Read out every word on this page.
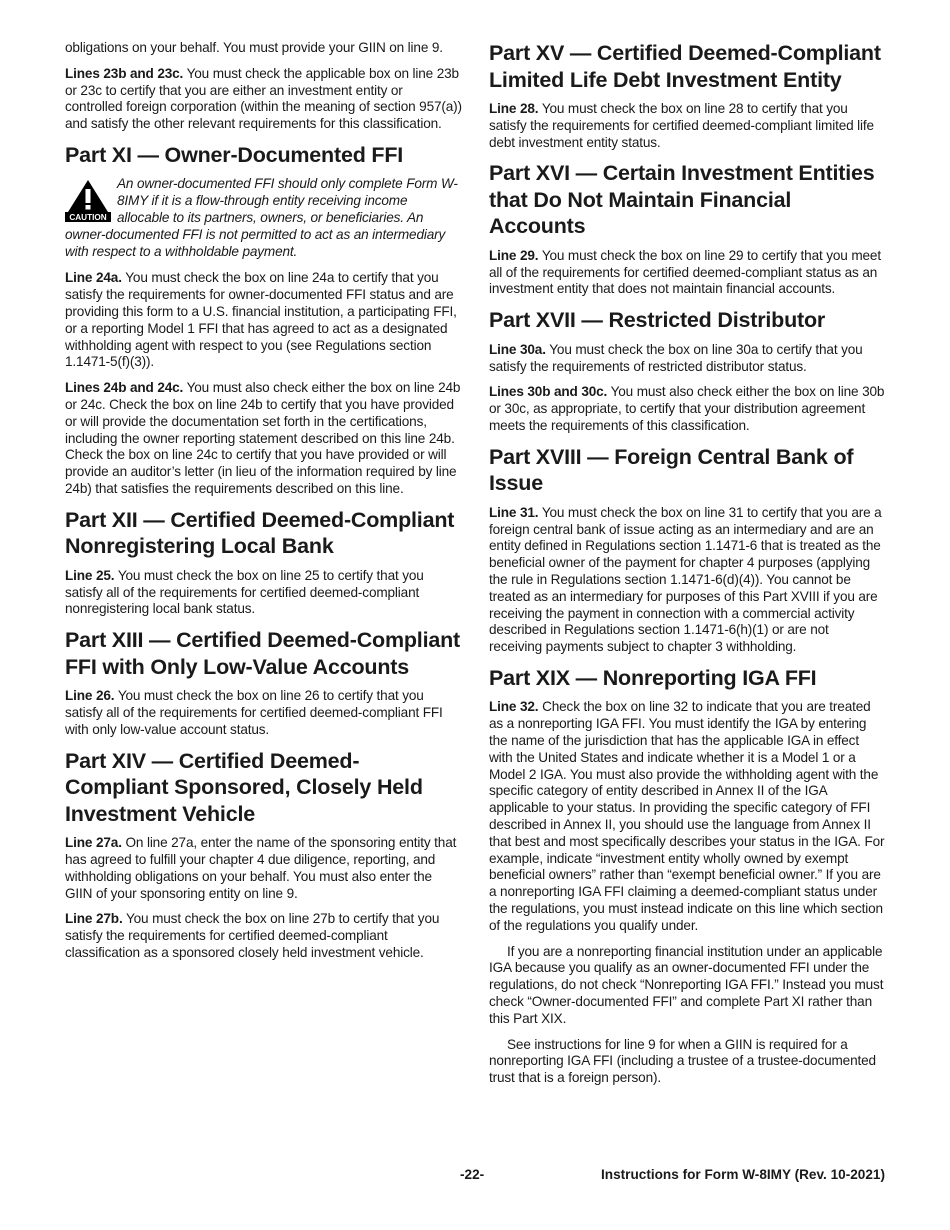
obligations on your behalf. You must provide your GIIN on line 9.

Lines 23b and 23c. You must check the applicable box on line 23b or 23c to certify that you are either an investment entity or controlled foreign corporation (within the meaning of section 957(a)) and satisfy the other relevant requirements for this classification.

Part XI — Owner-Documented FFI
CAUTION

An owner-documented FFI should only complete Form W-8IMY if it is a flow-through entity receiving income allocable to its partners, owners, or beneficiaries. An owner-documented FFI is not permitted to act as an intermediary with respect to a withholdable payment.

Line 24a. You must check the box on line 24a to certify that you satisfy the requirements for owner-documented FFI status and are providing this form to a U.S. financial institution, a participating FFI, or a reporting Model 1 FFI that has agreed to act as a designated withholding agent with respect to you (see Regulations section 1.1471-5(f)(3)).

Lines 24b and 24c. You must also check either the box on line 24b or 24c. Check the box on line 24b to certify that you have provided or will provide the documentation set forth in the certifications, including the owner reporting statement described on this line 24b. Check the box on line 24c to certify that you have provided or will provide an auditor’s letter (in lieu of the information required by line 24b) that satisfies the requirements described on this line.

Part XII — Certified Deemed-Compliant Nonregistering Local Bank

Line 25. You must check the box on line 25 to certify that you satisfy all of the requirements for certified deemed-compliant nonregistering local bank status.

Part XIII — Certified Deemed-Compliant FFI with Only Low-Value Accounts

Line 26. You must check the box on line 26 to certify that you satisfy all of the requirements for certified deemed-compliant FFI with only low-value account status.

Part XIV — Certified Deemed-Compliant Sponsored, Closely Held Investment Vehicle

Line 27a. On line 27a, enter the name of the sponsoring entity that has agreed to fulfill your chapter 4 due diligence, reporting, and withholding obligations on your behalf. You must also enter the GIIN of your sponsoring entity on line 9.

Line 27b. You must check the box on line 27b to certify that you satisfy the requirements for certified deemed-compliant classification as a sponsored closely held investment vehicle.

Part XV — Certified Deemed-Compliant Limited Life Debt Investment Entity

Line 28. You must check the box on line 28 to certify that you satisfy the requirements for certified deemed-compliant limited life debt investment entity status.

Part XVI — Certain Investment Entities that Do Not Maintain Financial Accounts

Line 29. You must check the box on line 29 to certify that you meet all of the requirements for certified deemed-compliant status as an investment entity that does not maintain financial accounts.

Part XVII — Restricted Distributor

Line 30a. You must check the box on line 30a to certify that you satisfy the requirements of restricted distributor status.

Lines 30b and 30c. You must also check either the box on line 30b or 30c, as appropriate, to certify that your distribution agreement meets the requirements of this classification.

Part XVIII — Foreign Central Bank of Issue

Line 31. You must check the box on line 31 to certify that you are a foreign central bank of issue acting as an intermediary and are an entity defined in Regulations section 1.1471-6 that is treated as the beneficial owner of the payment for chapter 4 purposes (applying the rule in Regulations section 1.1471-6(d)(4)). You cannot be treated as an intermediary for purposes of this Part XVIII if you are receiving the payment in connection with a commercial activity described in Regulations section 1.1471-6(h)(1) or are not receiving payments subject to chapter 3 withholding.

Part XIX — Nonreporting IGA FFI

Line 32. Check the box on line 32 to indicate that you are treated as a nonreporting IGA FFI. You must identify the IGA by entering the name of the jurisdiction that has the applicable IGA in effect with the United States and indicate whether it is a Model 1 or a Model 2 IGA. You must also provide the withholding agent with the specific category of entity described in Annex II of the IGA applicable to your status. In providing the specific category of FFI described in Annex II, you should use the language from Annex II that best and most specifically describes your status in the IGA. For example, indicate “investment entity wholly owned by exempt beneficial owners” rather than “exempt beneficial owner.” If you are a nonreporting IGA FFI claiming a deemed-compliant status under the regulations, you must instead indicate on this line which section of the regulations you qualify under.

If you are a nonreporting financial institution under an applicable IGA because you qualify as an owner-documented FFI under the regulations, do not check “Nonreporting IGA FFI.” Instead you must check “Owner-documented FFI” and complete Part XI rather than this Part XIX.

See instructions for line 9 for when a GIIN is required for a nonreporting IGA FFI (including a trustee of a trustee-documented trust that is a foreign person).

-22-	Instructions for Form W-8IMY (Rev. 10-2021)
